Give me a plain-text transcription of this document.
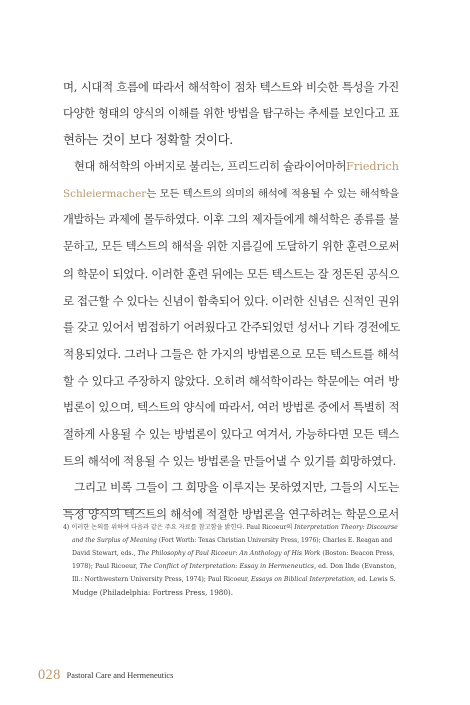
며, 시대적 흐름에 따라서 해석학이 점차 텍스트와 비슷한 특성을 가진
다양한 형태의 양식의 이해를 위한 방법을 탐구하는 추세를 보인다고 표
현하는 것이 보다 정확할 것이다.
현대 해석학의 아버지로 불리는, 프리드리히 슐라이어마허Friedrich
Schleiermacher는 모든 텍스트의 의미의 해석에 적용될 수 있는 해석학을
개발하는 과제에 몰두하였다. 이후 그의 제자들에게 해석학은 종류를 불
문하고, 모든 텍스트의 해석을 위한 지름길에 도달하기 위한 훈련으로써
의 학문이 되었다. 이러한 훈련 뒤에는 모든 텍스트는 잘 정돈된 공식으
로 접근할 수 있다는 신념이 함축되어 있다. 이러한 신념은 신적인 권위
를 갖고 있어서 범접하기 어려웠다고 간주되었던 성서나 기타 경전에도
적용되었다. 그러나 그들은 한 가지의 방법론으로 모든 텍스트를 해석
할 수 있다고 주장하지 않았다. 오히려 해석학이라는 학문에는 여러 방
법론이 있으며, 텍스트의 양식에 따라서, 여러 방법론 중에서 특별히 적
절하게 사용될 수 있는 방법론이 있다고 여겨서, 가능하다면 모든 텍스
트의 해석에 적용될 수 있는 방법론을 만들어낼 수 있기를 희망하였다.
그리고 비록 그들이 그 희망을 이루지는 못하였지만, 그들의 시도는
특정 양식의 텍스트의 해석에 적절한 방법론을 연구하려는 학문으로서
4) 이러한 논의를 위하여 다음과 같은 주요 자료를 참고함을 밝힌다. Paul Ricoeur의 Interpretation Theory: Discourse
and the Surplus of Meaning (Fort Worth: Texas Christian University Press, 1976); Charles E. Reagan and
David Stewart, eds., The Philosophy of Paul Ricoeur: An Anthology of His Work (Boston: Beacon Press,
1978); Paul Ricoeur, The Conflict of Interpretation: Essay in Hermeneutics, ed. Don Ihde (Evanston,
Ill.: Northwestern University Press, 1974); Paul Ricoeur, Essays on Biblical Interpretation, ed. Lewis S.
Mudge (Philadelphia: Fortress Press, 1980).
028 Pastoral Care and Hermeneutics
